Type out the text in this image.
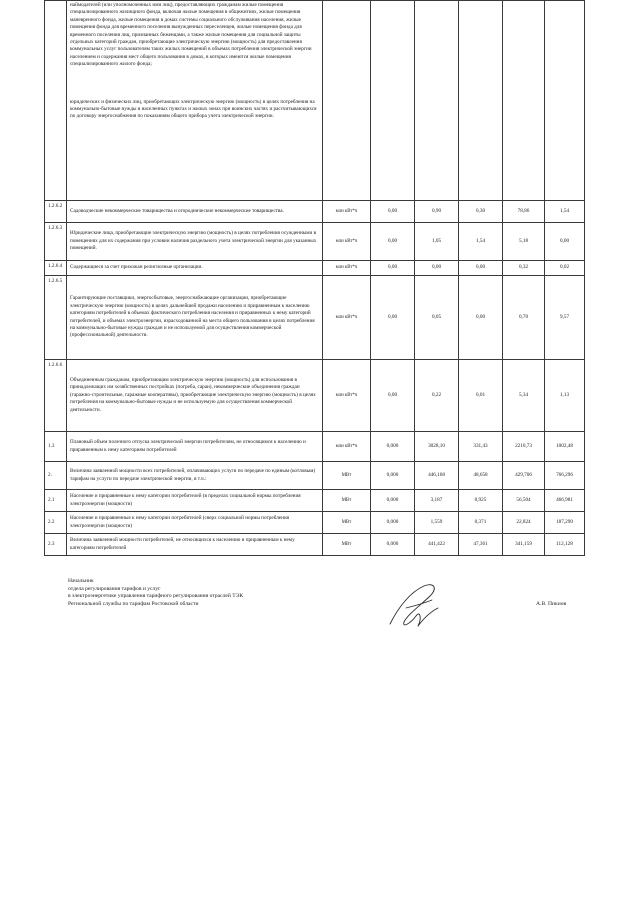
	наймодателей (или уполномоченных ими лиц), предоставляющих гражданам жилые помещения специализированного жилищного фонда, включая жилые помещения в общежитиях, жилые помещения маневренного фонда, жилые помещения в домах системы социального обслуживания населения, жилые помещения фонда для временного поселения вынужденных переселенцев, жилые помещения фонда для временного поселения лиц, признанных беженцами, а также жилые помещения для социальной защиты отдельных категорий граждан, приобретающие электрическую энергию (мощность) для предоставления коммунальных услуг пользователям таких жилых помещений в объемах потребления электрической энергии населением и содержания мест общего пользования в домах, в которых имеются жилые помещения специализированного жилого фонда;
юридических и физических лиц, приобретающих электрическую энергию (мощность) в целях потребления на коммунально-бытовые нужды в населенных пунктах и жилых зонах при воинских частях и рассчитывающихся по договору энергоснабжения по показаниям общего прибора учета электрической энергии.						

1.2.6.2	Садоводческие некоммерческие товарищества и огороднические некоммерческие товарищества.	млн кВт*ч	0,00	0,90	0,30	78,86	1,54
1.2.6.3	Юридические лица, приобретающие электрическую энергию (мощность) в целях потребления осужденными в помещениях для их содержания при условии наличия раздельного учета электрической энергии для указанных помещений.	млн кВт*ч	0,00	1,05	1,54	5,18	0,00
1.2.6.4	Содержащиеся за счет прихожан религиозные организации.	млн кВт*ч	0,00	0,00	0,00	0,32	0,02
1.2.6.5	Гарантирующие поставщики, энергосбытовые, энергоснабжающие организации, приобретающие электрическую энергию (мощность) в целях дальнейшей продажи населению и приравненным к населению категориям потребителей в объемах фактического потребления населения и приравненных к нему категорий потребителей, и объемах электроэнергии, израсходованной на места общего пользования в целях потребления на коммунально-бытовые нужды граждан и не используемой для осуществления коммерческой (профессиональной) деятельности.	млн кВт*ч	0,00	0,05	0,00	0,70	9,57
1.2.6.6	Объединенным гражданам, приобретающим электрическую энергию (мощность) для использования в принадлежащих им хозяйственных постройках (погреба, сараи), некоммерческие объединения граждан (гаражно-строительные, гаражные кооперативы), приобретающие электрическую энергию (мощность) в целях потребления на коммунально-бытовые нужды и не используемую для осуществления коммерческой деятельности.	млн кВт*ч	0,00	0,22	0,01	5,34	1,13
1.3	Плановый объем полезного отпуска электрической энергии потребителям, не относящимся к населению и приравненным к нему категориям потребителей	млн кВт*ч	0,000	3028,10	331,43	2210,73	1002,48
2.	Величина заявленной мощности всех потребителей, оплачивающих услуги по передаче по единым (котловым) тарифам на услуги по передаче электрической энергии, в т.ч.:	МВт	0,000	446,168	48,658	429,706	766,296
2.1	Население и приравненные к нему категории потребителей (в пределах социальной нормы потребления электроэнергии (мощности)	МВт	0,000	3,187	0,925	56,504	466,981
2.2	Население и приравненные к нему категории потребителей (сверх социальной нормы потребления электроэнергии (мощности)	МВт	0,000	1,559	0,371	22,824	187,290
2.3	Величина заявленной мощности потребителей, не относящихся к населению и приравненным к нему категориям потребителей	МВт	0,000	441,422	47,361	341,159	112,128
Начальник
отдела регулирования тарифов и услуг
в электроэнергетике управления тарифного регулирования отраслей ТЭК
Региональной службы по тарифам Ростовской области	А.В. Пикиов
